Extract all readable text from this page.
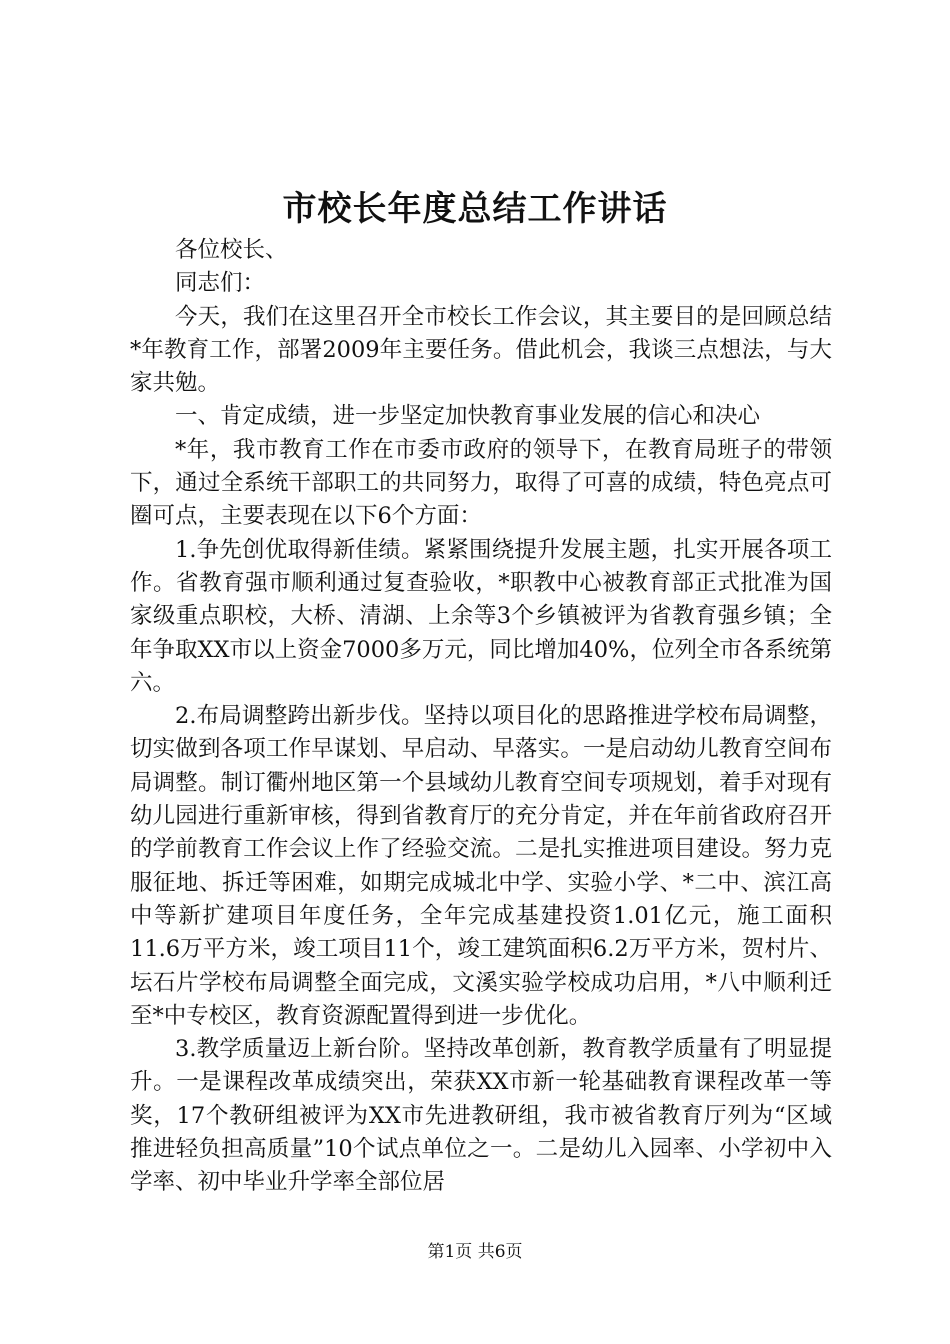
市校长年度总结工作讲话

各位校长、

同志们：

今天，我们在这里召开全市校长工作会议，其主要目的是回顾总结*年教育工作，部署2009年主要任务。借此机会，我谈三点想法，与大家共勉。

一、肯定成绩，进一步坚定加快教育事业发展的信心和决心

*年，我市教育工作在市委市政府的领导下，在教育局班子的带领下，通过全系统干部职工的共同努力，取得了可喜的成绩，特色亮点可圈可点，主要表现在以下6个方面：

1.争先创优取得新佳绩。紧紧围绕提升发展主题，扎实开展各项工作。省教育强市顺利通过复查验收，*职教中心被教育部正式批准为国家级重点职校，大桥、清湖、上余等3个乡镇被评为省教育强乡镇；全年争取XX市以上资金7000多万元，同比增加40%，位列全市各系统第六。

2.布局调整跨出新步伐。坚持以项目化的思路推进学校布局调整，切实做到各项工作早谋划、早启动、早落实。一是启动幼儿教育空间布局调整。制订衢州地区第一个县域幼儿教育空间专项规划，着手对现有幼儿园进行重新审核，得到省教育厅的充分肯定，并在年前省政府召开的学前教育工作会议上作了经验交流。二是扎实推进项目建设。努力克服征地、拆迁等困难，如期完成城北中学、实验小学、*二中、滨江高中等新扩建项目年度任务，全年完成基建投资1.01亿元，施工面积11.6万平方米，竣工项目11个，竣工建筑面积6.2万平方米，贺村片、坛石片学校布局调整全面完成，文溪实验学校成功启用，*八中顺利迁至*中专校区，教育资源配置得到进一步优化。

3.教学质量迈上新台阶。坚持改革创新，教育教学质量有了明显提升。一是课程改革成绩突出，荣获XX市新一轮基础教育课程改革一等奖，17个教研组被评为XX市先进教研组，我市被省教育厅列为“区域推进轻负担高质量”10个试点单位之一。二是幼儿入园率、小学初中入学率、初中毕业升学率全部位居

第1页 共6页
